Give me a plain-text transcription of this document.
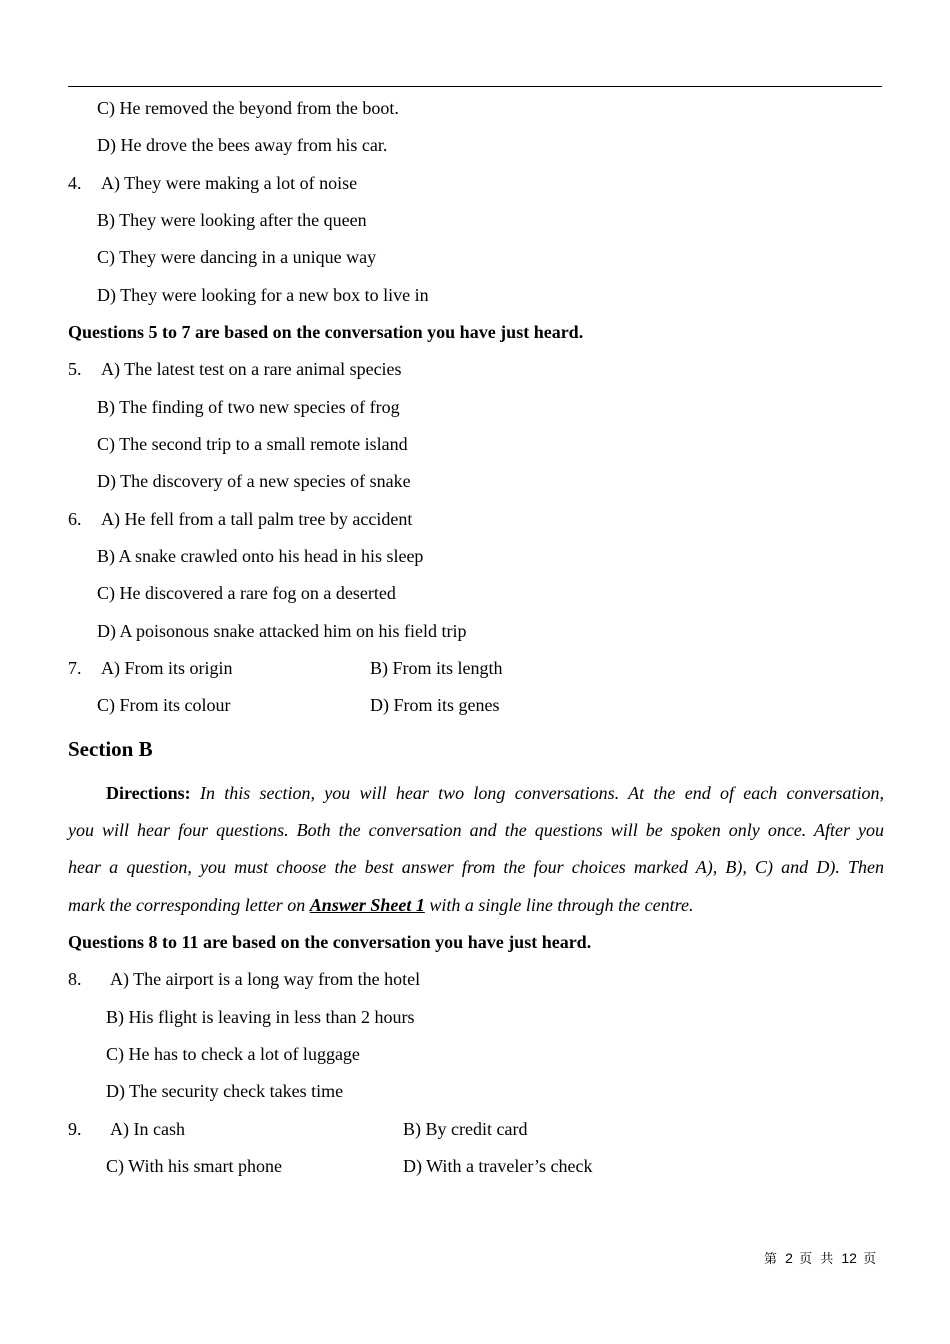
C) He removed the beyond from the boot.
D) He drove the bees away from his car.
4. A) They were making a lot of noise
B) They were looking after the queen
C) They were dancing in a unique way
D) They were looking for a new box to live in
Questions 5 to 7 are based on the conversation you have just heard.
5. A) The latest test on a rare animal species
B) The finding of two new species of frog
C) The second trip to a small remote island
D) The discovery of a new species of snake
6. A) He fell from a tall palm tree by accident
B) A snake crawled onto his head in his sleep
C) He discovered a rare fog on a deserted
D) A poisonous snake attacked him on his field trip
7. A) From its origin	B) From its length
C) From its colour	D) From its genes
Section B
Directions: In this section, you will hear two long conversations. At the end of each conversation,
you will hear four questions. Both the conversation and the questions will be spoken only once. After you
hear a question, you must choose the best answer from the four choices marked A), B), C) and D). Then
mark the corresponding letter on Answer Sheet 1 with a single line through the centre.
Questions 8 to 11 are based on the conversation you have just heard.
8. A) The airport is a long way from the hotel
B) His flight is leaving in less than 2 hours
C) He has to check a lot of luggage
D) The security check takes time
9. A) In cash	B) By credit card
C) With his smart phone	D) With a traveler’s check
第 2 页 共 12 页
